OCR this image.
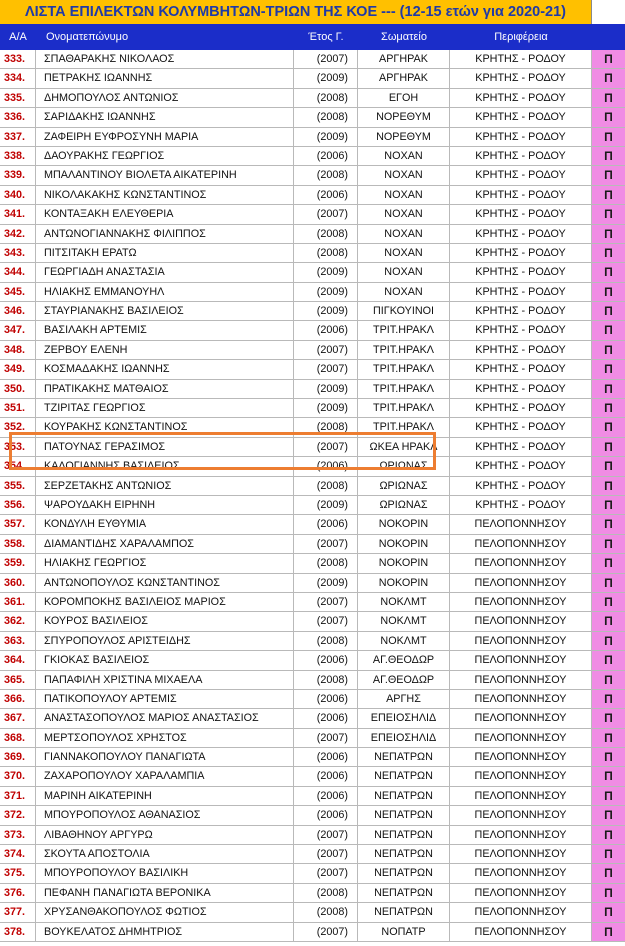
ΛΙΣΤΑ ΕΠΙΛΕΚΤΩΝ ΚΟΛΥΜΒΗΤΩΝ-ΤΡΙΩΝ ΤΗΣ ΚΟΕ --- (12-15 ετών για 2020-21)
Α/Α	Ονοματεπώνυμο	Έτος Γ.	Σωματείο	Περιφέρεια
333.	ΣΠΑΘΑΡΑΚΗΣ ΝΙΚΟΛΑΟΣ	(2007)	ΑΡΓΗΡΑΚ	ΚΡΗΤΗΣ - ΡΟΔΟΥ	Π
334.	ΠΕΤΡΑΚΗΣ ΙΩΑΝΝΗΣ	(2009)	ΑΡΓΗΡΑΚ	ΚΡΗΤΗΣ - ΡΟΔΟΥ	Π
335.	ΔΗΜΟΠΟΥΛΟΣ ΑΝΤΩΝΙΟΣ	(2008)	ΕΓΟΗ	ΚΡΗΤΗΣ - ΡΟΔΟΥ	Π
336.	ΣΑΡΙΔΑΚΗΣ ΙΩΑΝΝΗΣ	(2008)	ΝΟΡΕΘΥΜ	ΚΡΗΤΗΣ - ΡΟΔΟΥ	Π
337.	ΖΑΦΕΙΡΗ ΕΥΦΡΟΣΥΝΗ ΜΑΡΙΑ	(2009)	ΝΟΡΕΘΥΜ	ΚΡΗΤΗΣ - ΡΟΔΟΥ	Π
338.	ΔΑΟΥΡΑΚΗΣ ΓΕΩΡΓΙΟΣ	(2006)	ΝΟΧΑΝ	ΚΡΗΤΗΣ - ΡΟΔΟΥ	Π
339.	ΜΠΑΛΑΝΤΙΝΟΥ ΒΙΟΛΕΤΑ ΑΙΚΑΤΕΡΙΝΗ	(2008)	ΝΟΧΑΝ	ΚΡΗΤΗΣ - ΡΟΔΟΥ	Π
340.	ΝΙΚΟΛΑΚΑΚΗΣ ΚΩΝΣΤΑΝΤΙΝΟΣ	(2006)	ΝΟΧΑΝ	ΚΡΗΤΗΣ - ΡΟΔΟΥ	Π
341.	ΚΟΝΤΑΞΑΚΗ ΕΛΕΥΘΕΡΙΑ	(2007)	ΝΟΧΑΝ	ΚΡΗΤΗΣ - ΡΟΔΟΥ	Π
342.	ΑΝΤΩΝΟΓΙΑΝΝΑΚΗΣ ΦΙΛΙΠΠΟΣ	(2008)	ΝΟΧΑΝ	ΚΡΗΤΗΣ - ΡΟΔΟΥ	Π
343.	ΠΙΤΣΙΤΑΚΗ ΕΡΑΤΩ	(2008)	ΝΟΧΑΝ	ΚΡΗΤΗΣ - ΡΟΔΟΥ	Π
344.	ΓΕΩΡΓΙΑΔΗ ΑΝΑΣΤΑΣΙΑ	(2009)	ΝΟΧΑΝ	ΚΡΗΤΗΣ - ΡΟΔΟΥ	Π
345.	ΗΛΙΑΚΗΣ ΕΜΜΑΝΟΥΗΛ	(2009)	ΝΟΧΑΝ	ΚΡΗΤΗΣ - ΡΟΔΟΥ	Π
346.	ΣΤΑΥΡΙΑΝΑΚΗΣ ΒΑΣΙΛΕΙΟΣ	(2009)	ΠΙΓΚΟΥΙΝΟΙ	ΚΡΗΤΗΣ - ΡΟΔΟΥ	Π
347.	ΒΑΣΙΛΑΚΗ ΑΡΤΕΜΙΣ	(2006)	ΤΡΙΤ.ΗΡΑΚΛ	ΚΡΗΤΗΣ - ΡΟΔΟΥ	Π
348.	ΖΕΡΒΟΥ ΕΛΕΝΗ	(2007)	ΤΡΙΤ.ΗΡΑΚΛ	ΚΡΗΤΗΣ - ΡΟΔΟΥ	Π
349.	ΚΟΣΜΑΔΑΚΗΣ ΙΩΑΝΝΗΣ	(2007)	ΤΡΙΤ.ΗΡΑΚΛ	ΚΡΗΤΗΣ - ΡΟΔΟΥ	Π
350.	ΠΡΑΤΙΚΑΚΗΣ ΜΑΤΘΑΙΟΣ	(2009)	ΤΡΙΤ.ΗΡΑΚΛ	ΚΡΗΤΗΣ - ΡΟΔΟΥ	Π
351.	ΤΖΙΡΙΤΑΣ ΓΕΩΡΓΙΟΣ	(2009)	ΤΡΙΤ.ΗΡΑΚΛ	ΚΡΗΤΗΣ - ΡΟΔΟΥ	Π
352.	ΚΟΥΡΑΚΗΣ ΚΩΝΣΤΑΝΤΙΝΟΣ	(2008)	ΤΡΙΤ.ΗΡΑΚΛ	ΚΡΗΤΗΣ - ΡΟΔΟΥ	Π
353.	ΠΑΤΟΥΝΑΣ ΓΕΡΑΣΙΜΟΣ	(2007)	ΩΚΕΑ ΗΡΑΚΛ	ΚΡΗΤΗΣ - ΡΟΔΟΥ	Π
354.	ΚΑΛΟΓΙΑΝΝΗΣ ΒΑΣΙΛΕΙΟΣ	(2006)	ΩΡΙΩΝΑΣ	ΚΡΗΤΗΣ - ΡΟΔΟΥ	Π
355.	ΣΕΡΖΕΤΑΚΗΣ ΑΝΤΩΝΙΟΣ	(2008)	ΩΡΙΩΝΑΣ	ΚΡΗΤΗΣ - ΡΟΔΟΥ	Π
356.	ΨΑΡΟΥΔΑΚΗ ΕΙΡΗΝΗ	(2009)	ΩΡΙΩΝΑΣ	ΚΡΗΤΗΣ - ΡΟΔΟΥ	Π
357.	ΚΟΝΔΥΛΗ ΕΥΘΥΜΙΑ	(2006)	ΝΟΚΟΡΙΝ	ΠΕΛΟΠΟΝΝΗΣΟΥ	Π
358.	ΔΙΑΜΑΝΤΙΔΗΣ ΧΑΡΑΛΑΜΠΟΣ	(2007)	ΝΟΚΟΡΙΝ	ΠΕΛΟΠΟΝΝΗΣΟΥ	Π
359.	ΗΛΙΑΚΗΣ ΓΕΩΡΓΙΟΣ	(2008)	ΝΟΚΟΡΙΝ	ΠΕΛΟΠΟΝΝΗΣΟΥ	Π
360.	ΑΝΤΩΝΟΠΟΥΛΟΣ ΚΩΝΣΤΑΝΤΙΝΟΣ	(2009)	ΝΟΚΟΡΙΝ	ΠΕΛΟΠΟΝΝΗΣΟΥ	Π
361.	ΚΟΡΟΜΠΟΚΗΣ ΒΑΣΙΛΕΙΟΣ ΜΑΡΙΟΣ	(2007)	ΝΟΚΛΜΤ	ΠΕΛΟΠΟΝΝΗΣΟΥ	Π
362.	ΚΟΥΡΟΣ ΒΑΣΙΛΕΙΟΣ	(2007)	ΝΟΚΛΜΤ	ΠΕΛΟΠΟΝΝΗΣΟΥ	Π
363.	ΣΠΥΡΟΠΟΥΛΟΣ ΑΡΙΣΤΕΙΔΗΣ	(2008)	ΝΟΚΛΜΤ	ΠΕΛΟΠΟΝΝΗΣΟΥ	Π
364.	ΓΚΙΟΚΑΣ ΒΑΣΙΛΕΙΟΣ	(2006)	ΑΓ.ΘΕΟΔΩΡ	ΠΕΛΟΠΟΝΝΗΣΟΥ	Π
365.	ΠΑΠΑΦΙΛΗ ΧΡΙΣΤΙΝΑ ΜΙΧΑΕΛΑ	(2008)	ΑΓ.ΘΕΟΔΩΡ	ΠΕΛΟΠΟΝΝΗΣΟΥ	Π
366.	ΠΑΤΙΚΟΠΟΥΛΟΥ ΑΡΤΕΜΙΣ	(2006)	ΑΡΓΗΣ	ΠΕΛΟΠΟΝΝΗΣΟΥ	Π
367.	ΑΝΑΣΤΑΣΟΠΟΥΛΟΣ ΜΑΡΙΟΣ ΑΝΑΣΤΑΣΙΟΣ	(2006)	ΕΠΕΙΟΣΗΛΙΔ	ΠΕΛΟΠΟΝΝΗΣΟΥ	Π
368.	ΜΕΡΤΣΟΠΟΥΛΟΣ ΧΡΗΣΤΟΣ	(2007)	ΕΠΕΙΟΣΗΛΙΔ	ΠΕΛΟΠΟΝΝΗΣΟΥ	Π
369.	ΓΙΑΝΝΑΚΟΠΟΥΛΟΥ ΠΑΝΑΓΙΩΤΑ	(2006)	ΝΕΠΑΤΡΩΝ	ΠΕΛΟΠΟΝΝΗΣΟΥ	Π
370.	ΖΑΧΑΡΟΠΟΥΛΟΥ ΧΑΡΑΛΑΜΠΙΑ	(2006)	ΝΕΠΑΤΡΩΝ	ΠΕΛΟΠΟΝΝΗΣΟΥ	Π
371.	ΜΑΡΙΝΗ ΑΙΚΑΤΕΡΙΝΗ	(2006)	ΝΕΠΑΤΡΩΝ	ΠΕΛΟΠΟΝΝΗΣΟΥ	Π
372.	ΜΠΟΥΡΟΠΟΥΛΟΣ ΑΘΑΝΑΣΙΟΣ	(2006)	ΝΕΠΑΤΡΩΝ	ΠΕΛΟΠΟΝΝΗΣΟΥ	Π
373.	ΛΙΒΑΘΗΝΟΥ ΑΡΓΥΡΩ	(2007)	ΝΕΠΑΤΡΩΝ	ΠΕΛΟΠΟΝΝΗΣΟΥ	Π
374.	ΣΚΟΥΤΑ ΑΠΟΣΤΟΛΙΑ	(2007)	ΝΕΠΑΤΡΩΝ	ΠΕΛΟΠΟΝΝΗΣΟΥ	Π
375.	ΜΠΟΥΡΟΠΟΥΛΟΥ ΒΑΣΙΛΙΚΗ	(2007)	ΝΕΠΑΤΡΩΝ	ΠΕΛΟΠΟΝΝΗΣΟΥ	Π
376.	ΠΕΦΑΝΗ ΠΑΝΑΓΙΩΤΑ ΒΕΡΟΝΙΚΑ	(2008)	ΝΕΠΑΤΡΩΝ	ΠΕΛΟΠΟΝΝΗΣΟΥ	Π
377.	ΧΡΥΣΑΝΘΑΚΟΠΟΥΛΟΣ ΦΩΤΙΟΣ	(2008)	ΝΕΠΑΤΡΩΝ	ΠΕΛΟΠΟΝΝΗΣΟΥ	Π
378.	ΒΟΥΚΕΛΑΤΟΣ ΔΗΜΗΤΡΙΟΣ	(2007)	ΝΟΠΑΤΡ	ΠΕΛΟΠΟΝΝΗΣΟΥ	Π
